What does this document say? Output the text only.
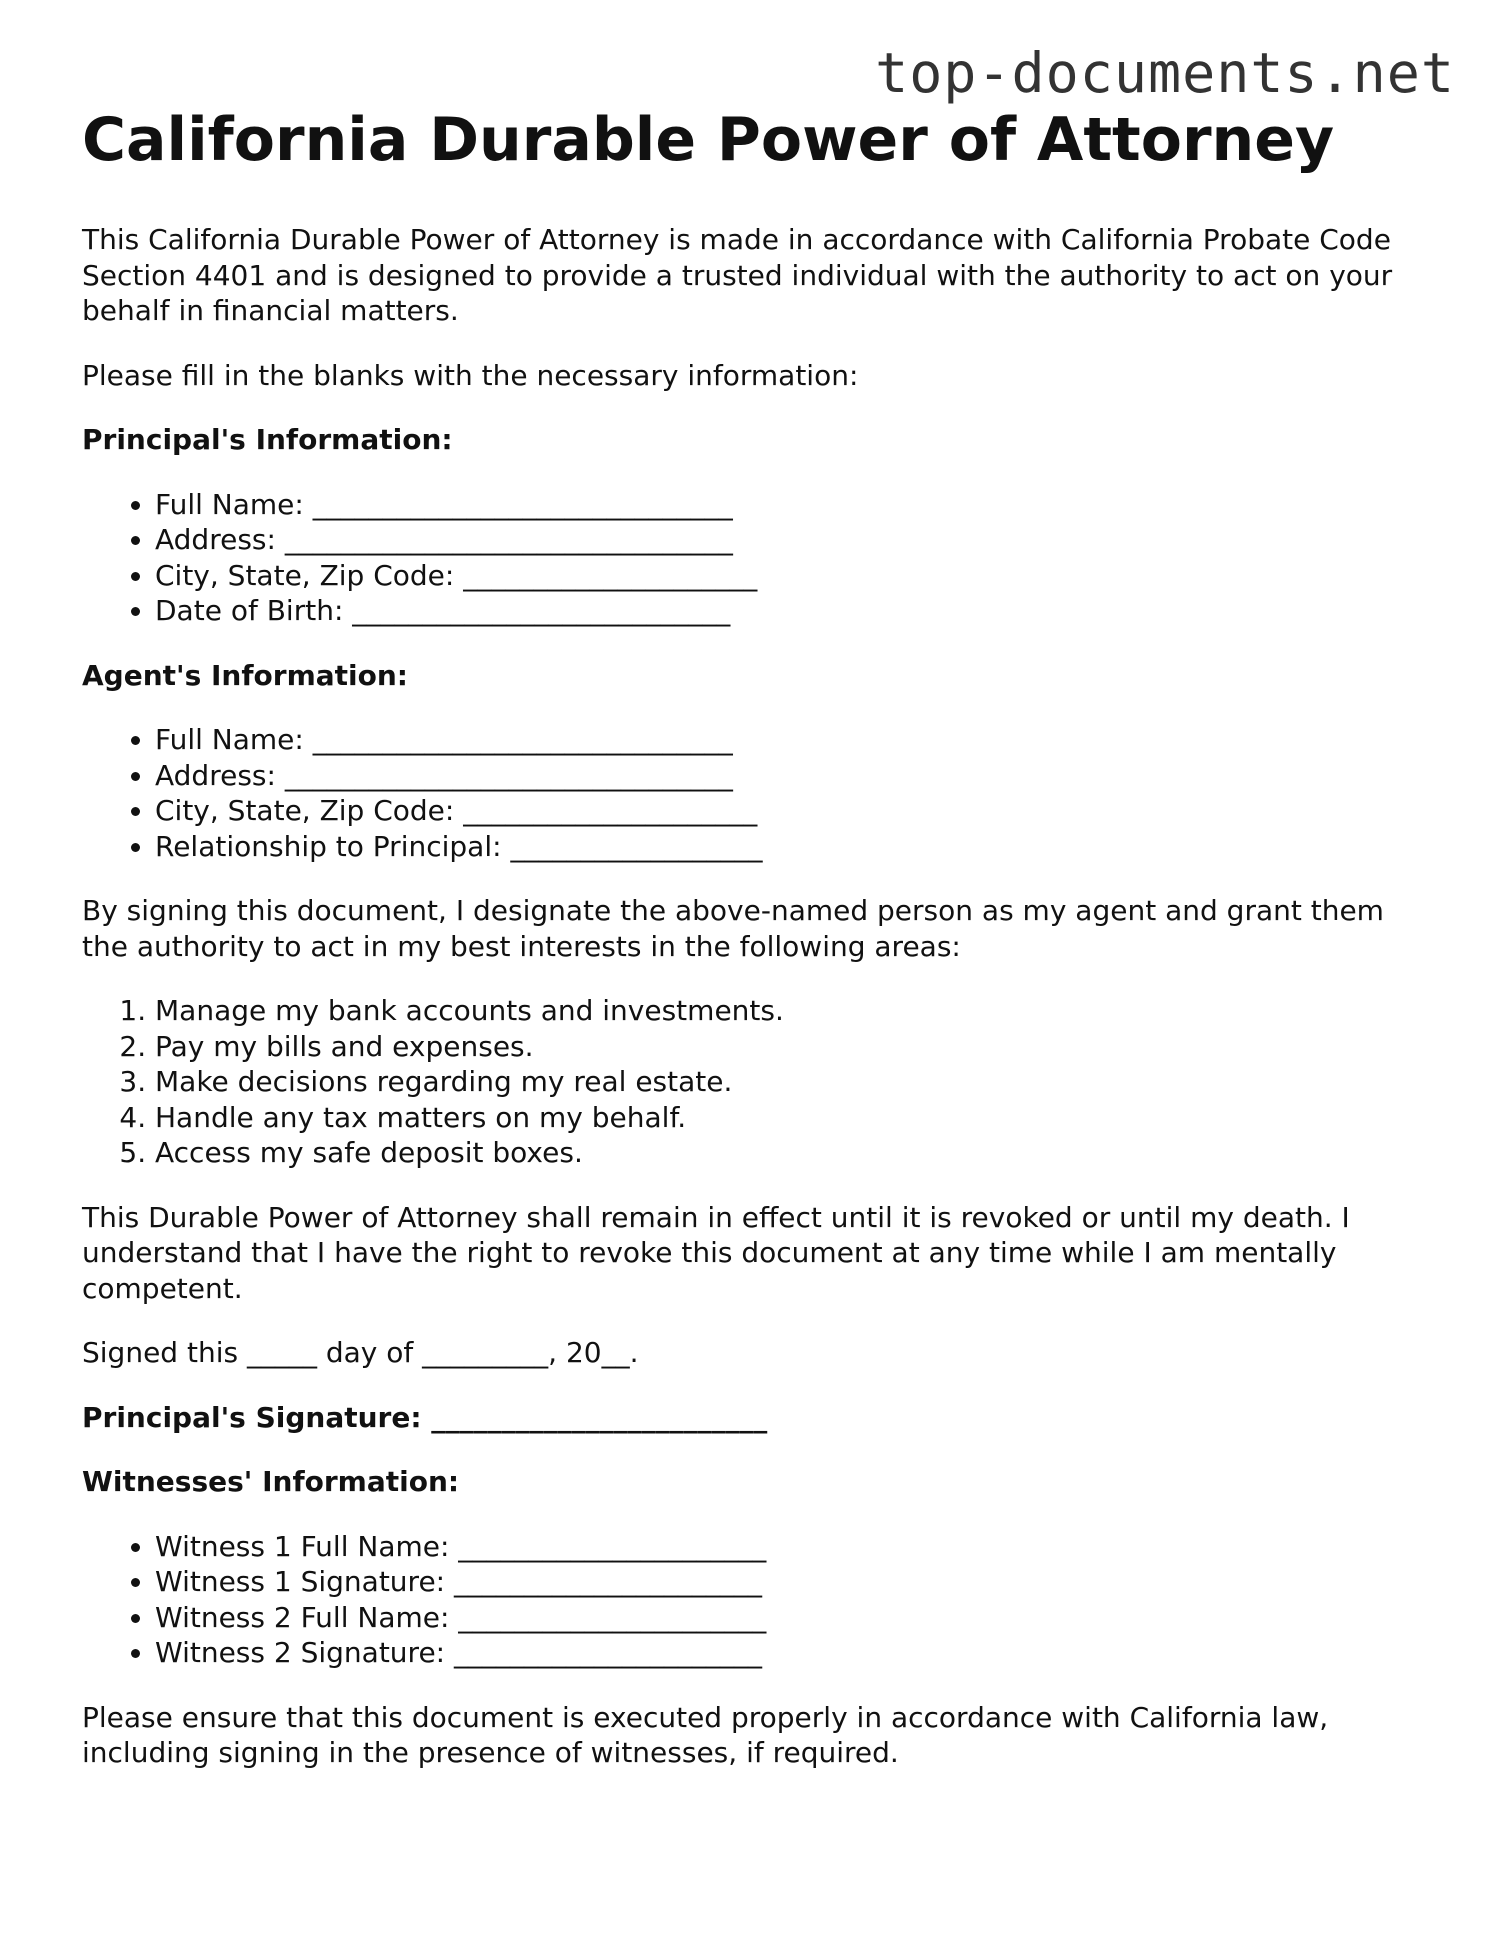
top-documents.net
California Durable Power of Attorney

This California Durable Power of Attorney is made in accordance with California Probate Code Section 4401 and is designed to provide a trusted individual with the authority to act on your behalf in financial matters.

Please fill in the blanks with the necessary information:

Principal's Information:

• Full Name: ______________________________
• Address: ________________________________
• City, State, Zip Code: _____________________
• Date of Birth: ___________________________

Agent's Information:

• Full Name: ______________________________
• Address: ________________________________
• City, State, Zip Code: _____________________
• Relationship to Principal: __________________

By signing this document, I designate the above-named person as my agent and grant them the authority to act in my best interests in the following areas:

1. Manage my bank accounts and investments.
2. Pay my bills and expenses.
3. Make decisions regarding my real estate.
4. Handle any tax matters on my behalf.
5. Access my safe deposit boxes.

This Durable Power of Attorney shall remain in effect until it is revoked or until my death. I understand that I have the right to revoke this document at any time while I am mentally competent.

Signed this _____ day of _________, 20__.

Principal's Signature: ________________________

Witnesses' Information:

• Witness 1 Full Name: ______________________
• Witness 1 Signature: ______________________
• Witness 2 Full Name: ______________________
• Witness 2 Signature: ______________________

Please ensure that this document is executed properly in accordance with California law, including signing in the presence of witnesses, if required.
